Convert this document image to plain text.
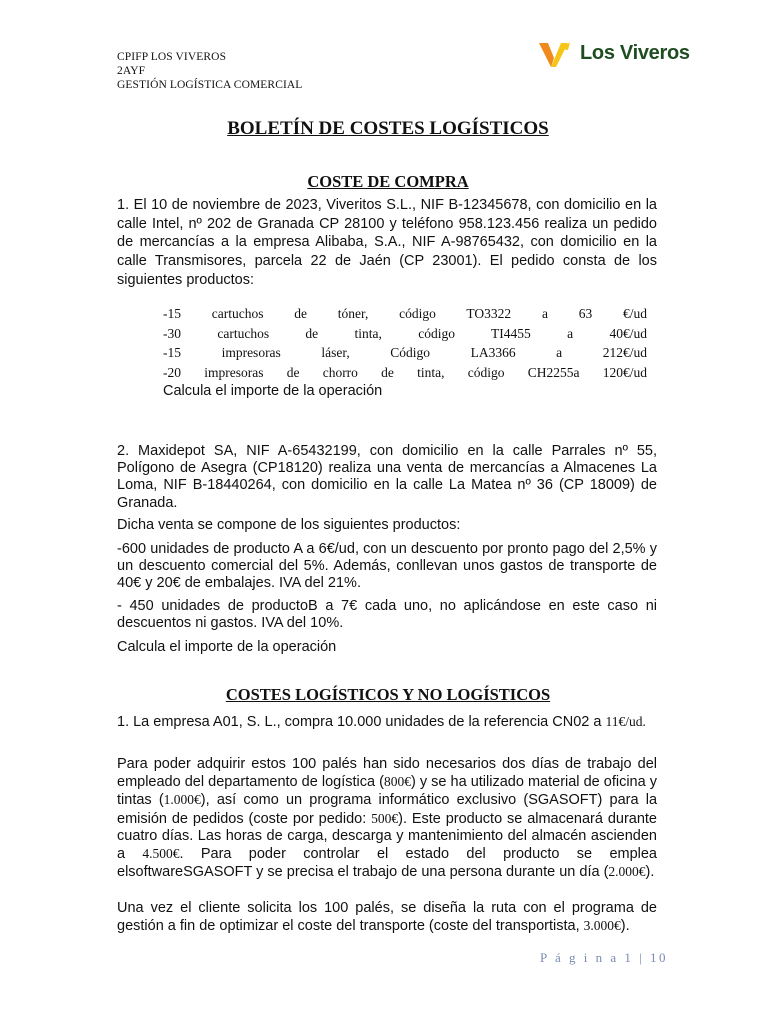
CPIFP LOS VIVEROS
2AYF
GESTIÓN LOGÍSTICA COMERCIAL
Los Viveros
BOLETÍN DE COSTES LOGÍSTICOS
COSTE DE COMPRA
1. El 10 de noviembre de 2023, Viveritos S.L., NIF B-12345678, con domicilio en la calle Intel, nº 202 de Granada CP 28100 y teléfono 958.123.456 realiza un pedido de mercancías a la empresa Alibaba, S.A., NIF A-98765432, con domicilio en la calle Transmisores, parcela 22 de Jaén (CP 23001). El pedido consta de los siguientes productos:
-15 cartuchos de tóner, código TO3322 a 63 €/ud
-30 cartuchos de tinta, código TI4455 a 40€/ud
-15 impresoras láser, Código LA3366 a 212€/ud
-20 impresoras de chorro de tinta, código CH2255a 120€/ud
Calcula el importe de la operación
2. Maxidepot SA, NIF A-65432199, con domicilio en la calle Parrales nº 55, Polígono de Asegra (CP18120) realiza una venta de mercancías a Almacenes La Loma, NIF B-18440264, con domicilio en la calle La Matea nº 36 (CP 18009) de Granada.
Dicha venta se compone de los siguientes productos:
-600 unidades de producto A a 6€/ud, con un descuento por pronto pago del 2,5% y un descuento comercial del 5%. Además, conllevan unos gastos de transporte de 40€ y 20€ de embalajes. IVA del 21%.
- 450 unidades de productoB a 7€ cada uno, no aplicándose en este caso ni descuentos ni gastos. IVA del 10%.
Calcula el importe de la operación
COSTES LOGÍSTICOS Y NO LOGÍSTICOS
1. La empresa A01, S. L., compra 10.000 unidades de la referencia CN02 a 11€/ud.
Para poder adquirir estos 100 palés han sido necesarios dos días de trabajo del empleado del departamento de logística (800€) y se ha utilizado material de oficina y tintas (1.000€), así como un programa informático exclusivo (SGASOFT) para la emisión de pedidos (coste por pedido: 500€). Este producto se almacenará durante cuatro días. Las horas de carga, descarga y mantenimiento del almacén ascienden a 4.500€. Para poder controlar el estado del producto se emplea elsoftwareSGASOFT y se precisa el trabajo de una persona durante un día (2.000€).
Una vez el cliente solicita los 100 palés, se diseña la ruta con el programa de gestión a fin de optimizar el coste del transporte (coste del transportista, 3.000€).
P á g i n a 1 | 10
